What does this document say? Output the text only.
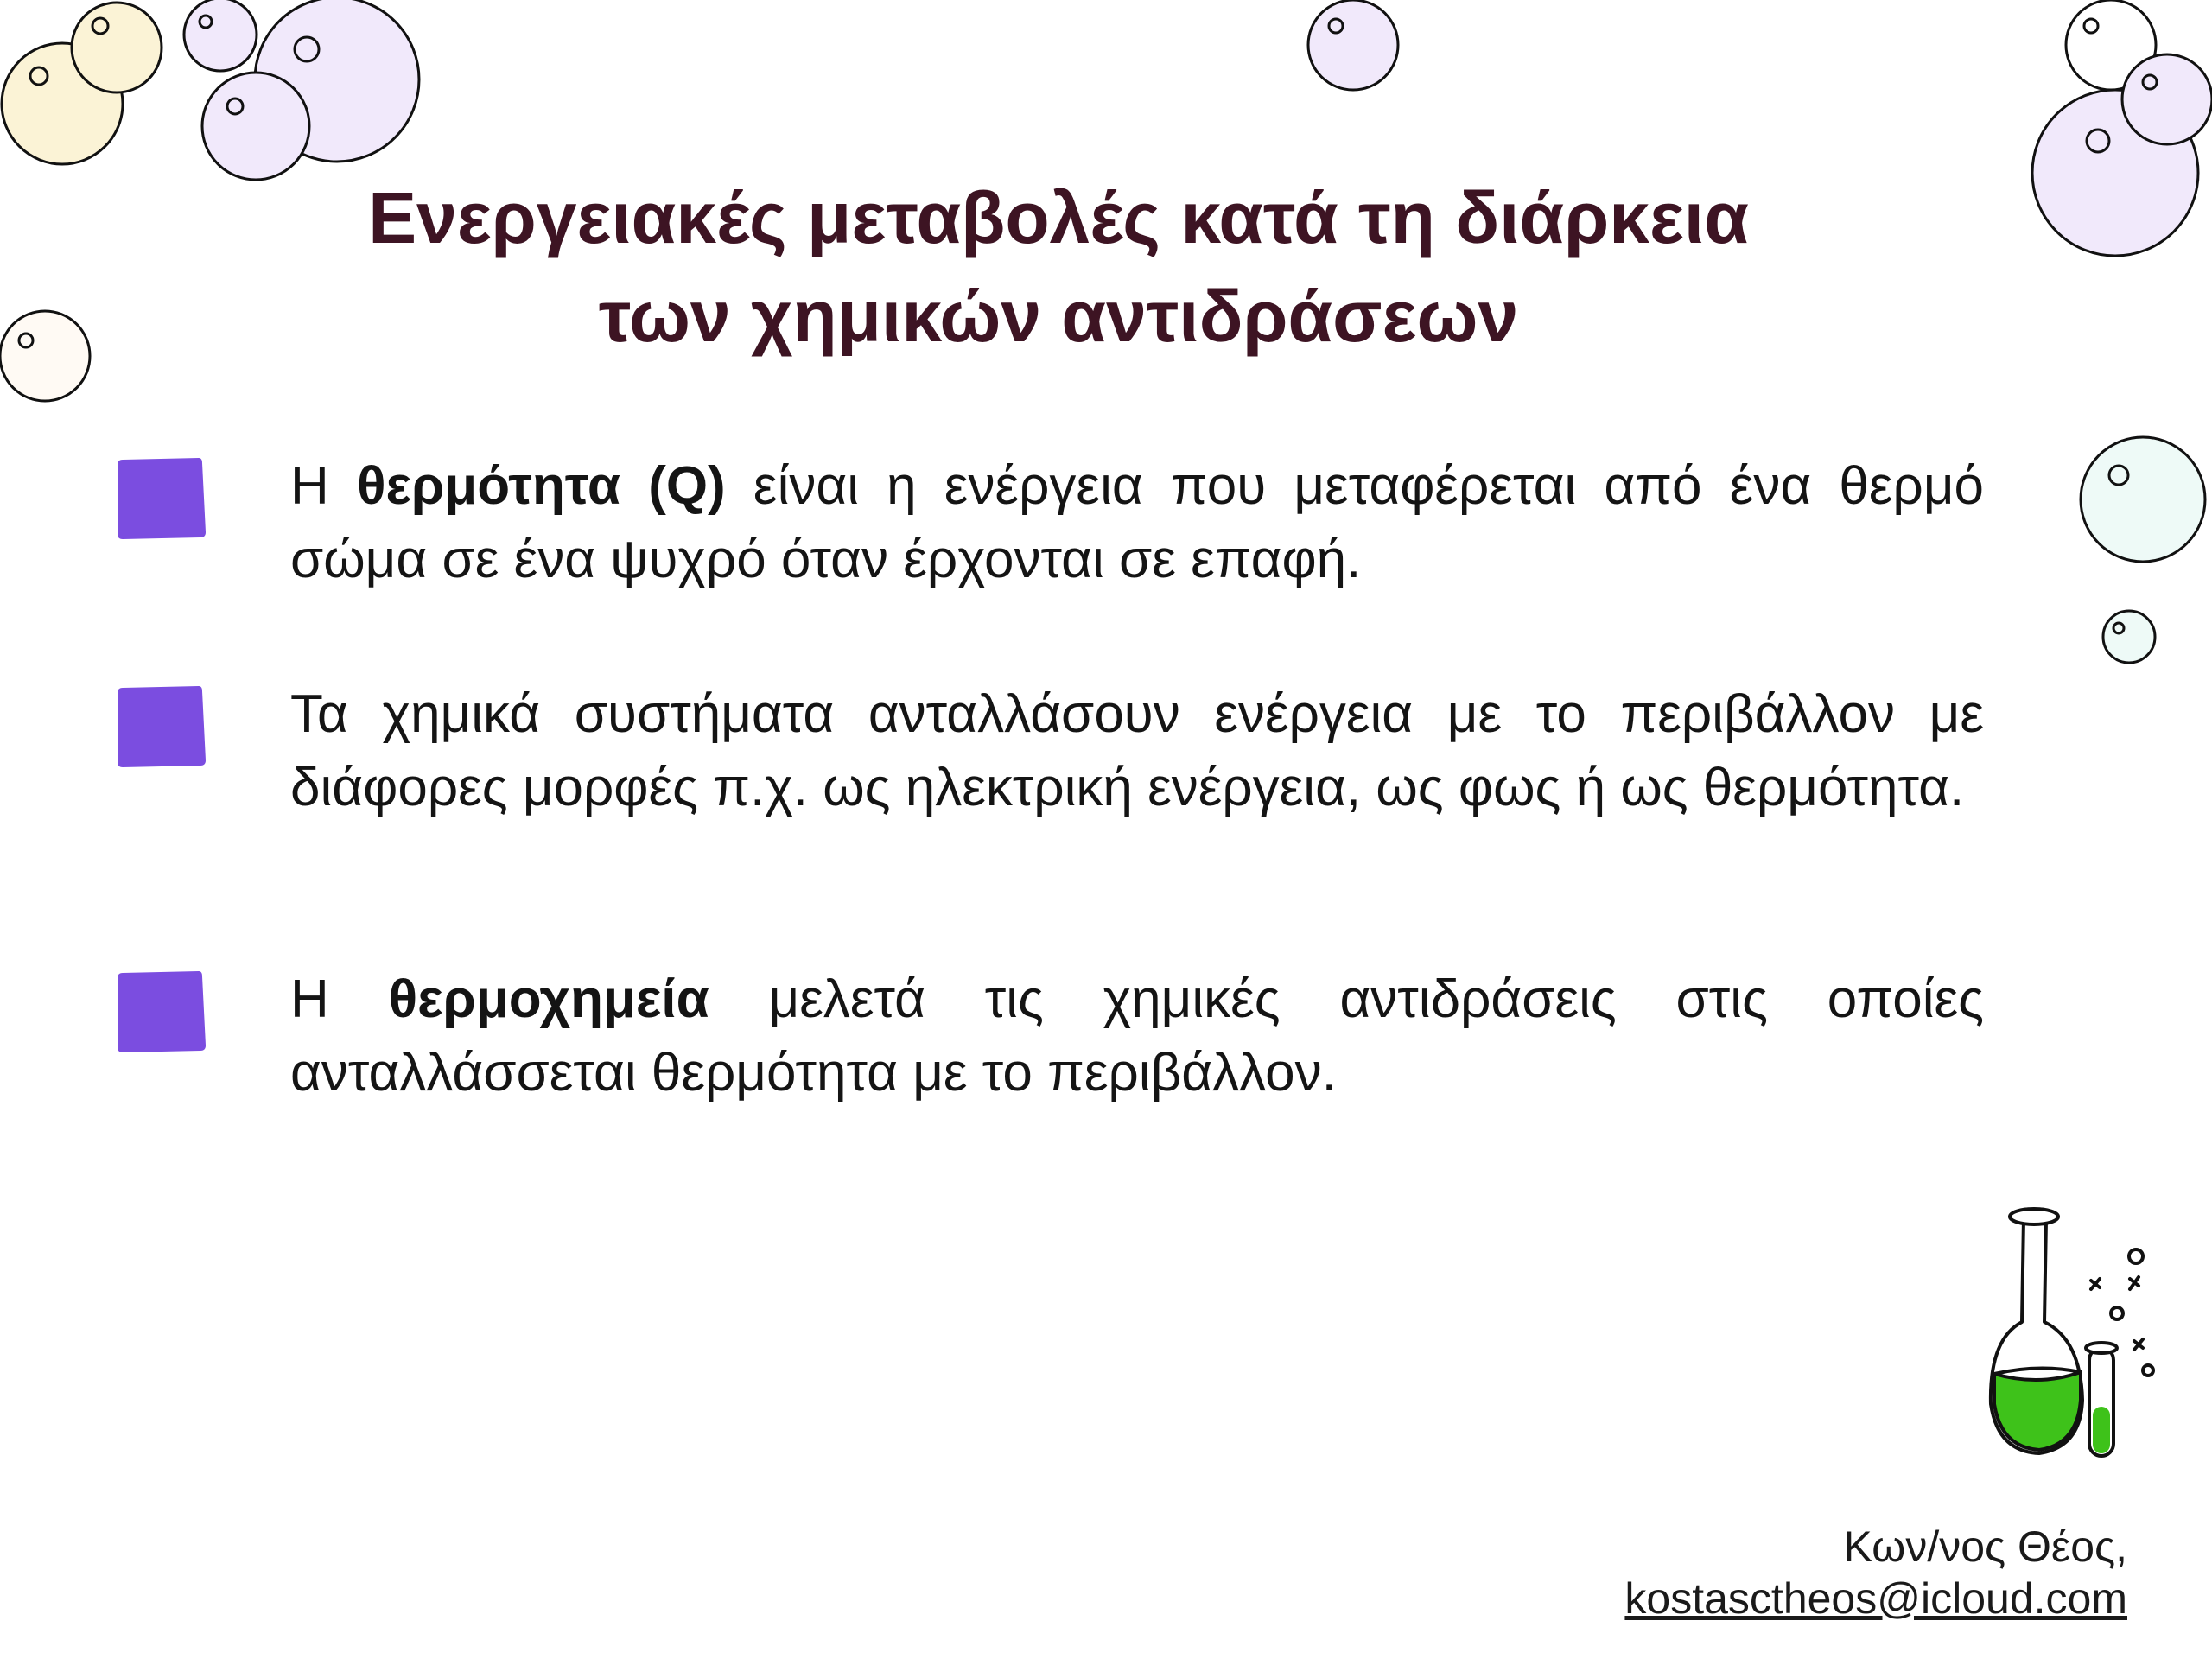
Ενεργειακές μεταβολές κατά τη διάρκεια
των χημικών αντιδράσεων

Η θερμότητα (Q) είναι η ενέργεια που μεταφέρεται από ένα θερμό σώμα σε ένα ψυχρό όταν έρχονται σε επαφή.

Τα χημικά συστήματα ανταλλάσουν ενέργεια με το περιβάλλον με διάφορες μορφές π.χ. ως ηλεκτρική ενέργεια, ως φως ή ως θερμότητα.

Η θερμοχημεία μελετά τις χημικές αντιδράσεις στις οποίες ανταλλάσσεται θερμότητα με το περιβάλλον.

Κων/νος Θέος,
kostasctheos@icloud.com
